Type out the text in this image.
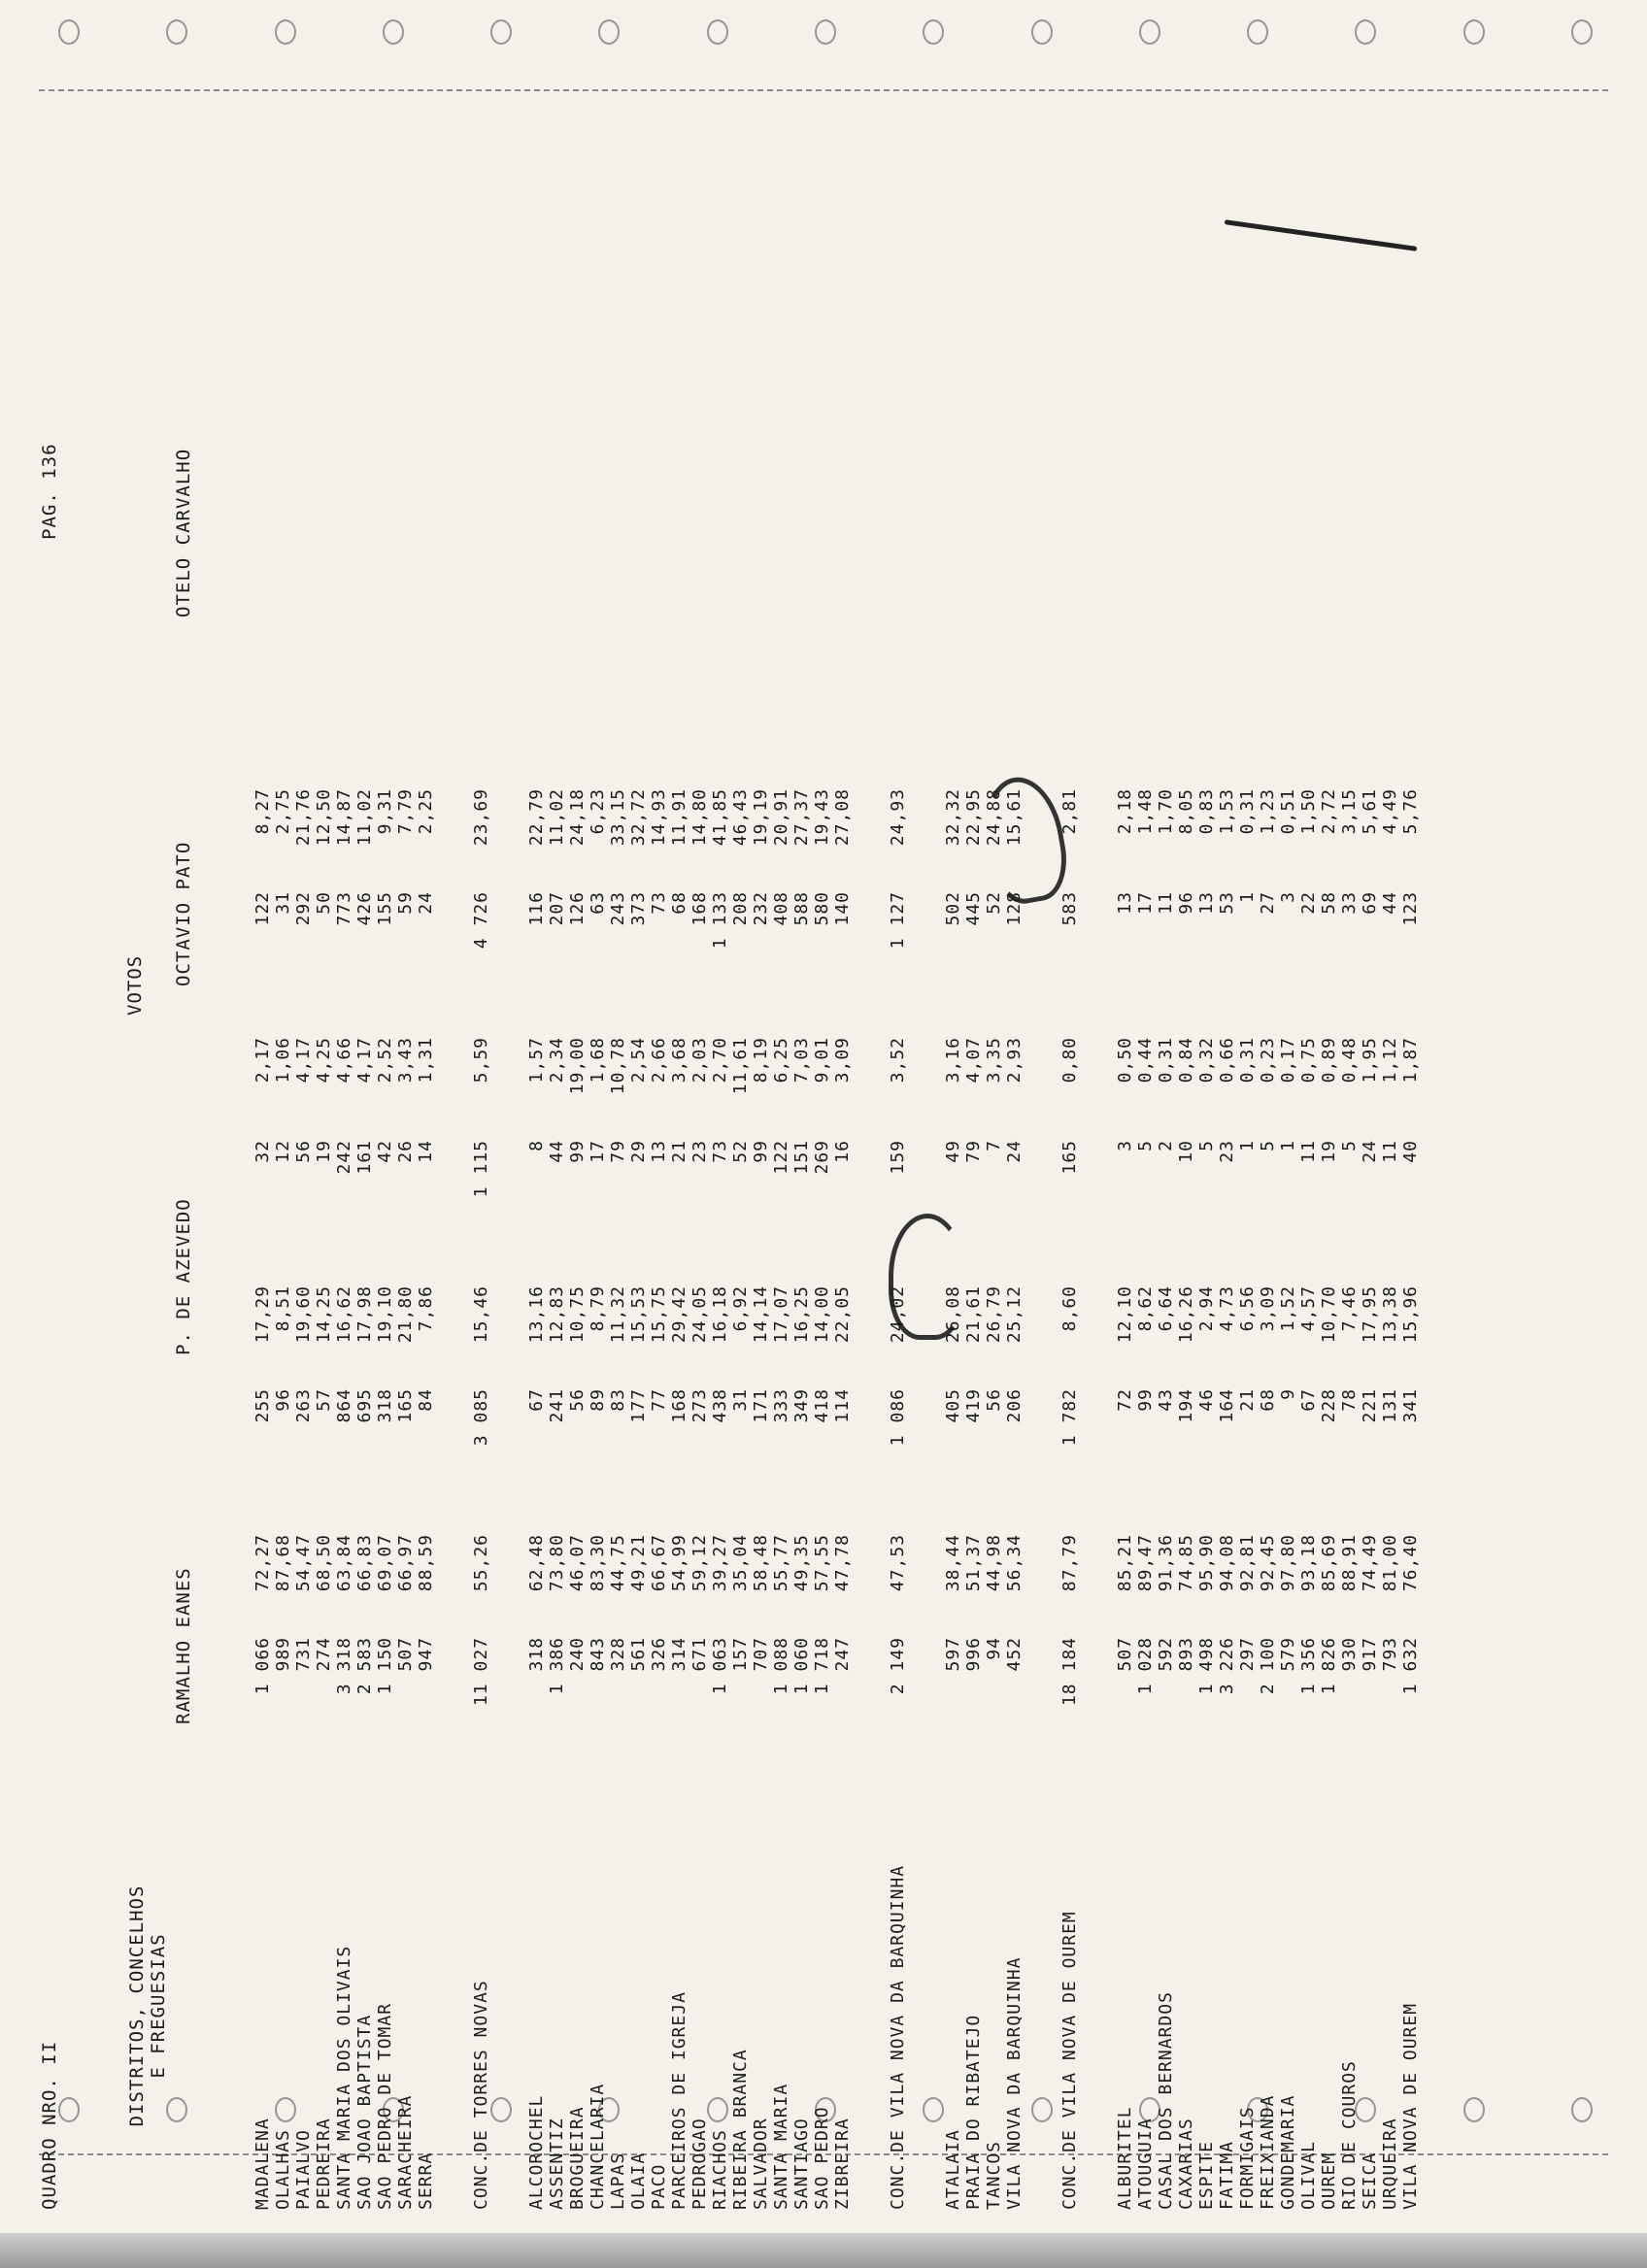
QUADRO NRO. II
PAG. 136
DISTRITOS, CONCELHOS E FREGUESIAS
VOTOS
RAMALHO EANES
P. DE AZEVEDO
OCTAVIO PATO
OTELO CARVALHO
MADALENA
1 066
72,27
255
17,29
32
2,17
122
8,27
OLALHAS
989
87,68
96
8,51
12
1,06
31
2,75
PAIALVO
731
54,47
263
19,60
56
4,17
292
21,76
PEDREIRA
274
68,50
57
14,25
19
4,25
50
12,50
SANTA MARIA DOS OLIVAIS
3 318
63,84
864
16,62
242
4,66
773
14,87
SAO JOAO BAPTISTA
2 583
66,83
695
17,98
161
4,17
426
11,02
SAO PEDRO DE TOMAR
1 150
69,07
318
19,10
42
2,52
155
9,31
SARACHEIRA
507
66,97
165
21,80
26
3,43
59
7,79
SERRA
947
88,59
84
7,86
14
1,31
24
2,25
CONC.DE TORRES NOVAS
11 027
55,26
3 085
15,46
1 115
5,59
4 726
23,69
ALCOROCHEL
318
62,48
67
13,16
8
1,57
116
22,79
ASSENTIZ
1 386
73,80
241
12,83
44
2,34
207
11,02
BROGUEIRA
240
46,07
56
10,75
99
19,00
126
24,18
CHANCELARIA
843
83,30
89
8,79
17
1,68
63
6,23
LAPAS
328
44,75
83
11,32
79
10,78
243
33,15
OLAIA
561
49,21
177
15,53
29
2,54
373
32,72
PACO
326
66,67
77
15,75
13
2,66
73
14,93
PARCEIROS DE IGREJA
314
54,99
168
29,42
21
3,68
68
11,91
PEDROGAO
671
59,12
273
24,05
23
2,03
168
14,80
RIACHOS
1 063
39,27
438
16,18
73
2,70
1 133
41,85
RIBEIRA BRANCA
157
35,04
31
6,92
52
11,61
208
46,43
SALVADOR
707
58,48
171
14,14
99
8,19
232
19,19
SANTA MARIA
1 088
55,77
333
17,07
122
6,25
408
20,91
SANTIAGO
1 060
49,35
349
16,25
151
7,03
588
27,37
SAO PEDRO
1 718
57,55
418
14,00
269
9,01
580
19,43
ZIBREIRA
247
47,78
114
22,05
16
3,09
140
27,08
CONC.DE VILA NOVA DA BARQUINHA
2 149
47,53
1 086
24,02
159
3,52
1 127
24,93
ATALAIA
597
38,44
405
26,08
49
3,16
502
32,32
PRAIA DO RIBATEJO
996
51,37
419
21,61
79
4,07
445
22,95
TANCOS
94
44,98
56
26,79
7
3,35
52
24,88
VILA NOVA DA BARQUINHA
452
56,34
206
25,12
24
2,93
128
15,61
CONC.DE VILA NOVA DE OUREM
18 184
87,79
1 782
8,60
165
0,80
583
2,81
ALBURITEL
507
85,21
72
12,10
3
0,50
13
2,18
ATOUGUIA
1 028
89,47
99
8,62
5
0,44
17
1,48
CASAL DOS BERNARDOS
592
91,36
43
6,64
2
0,31
11
1,70
CAXARIAS
893
74,85
194
16,26
10
0,84
96
8,05
ESPITE
1 498
95,90
46
2,94
5
0,32
13
0,83
FATIMA
3 226
94,08
164
4,73
23
0,66
53
1,53
FORMIGAIS
297
92,81
21
6,56
1
0,31
1
0,31
FREIXIANDA
2 100
92,45
68
3,09
5
0,23
27
1,23
GONDEMARIA
579
97,80
9
1,52
1
0,17
3
0,51
OLIVAL
1 356
93,18
67
4,57
11
0,75
22
1,50
OUREM
1 826
85,69
228
10,70
19
0,89
58
2,72
RIO DE COUROS
930
88,91
78
7,46
5
0,48
33
3,15
SEICA
917
74,49
221
17,95
24
1,95
69
5,61
URQUEIRA
793
81,00
131
13,38
11
1,12
44
4,49
VILA NOVA DE OUREM
1 632
76,40
341
15,96
40
1,87
123
5,76
